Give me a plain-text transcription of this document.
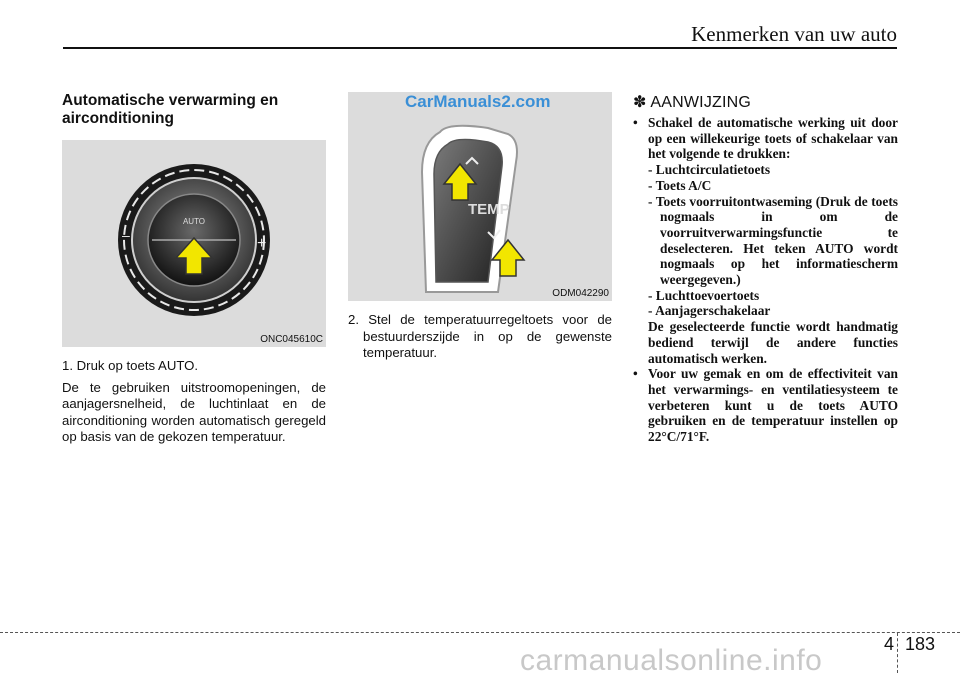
Kenmerken van uw auto
Automatische verwarming en airconditioning
–	+
AUTO
ONC045610C

1. Druk op toets AUTO.

De te gebruiken uitstroomopeningen, de aanjagersnelheid, de luchtinlaat en de airconditioning worden automatisch geregeld op basis van de gekozen temperatuur.

TEMP
CarManuals2.com
ODM042290

2. Stel de temperatuurregeltoets voor de bestuurderszijde in op de gewenste temperatuur.

✽ AANWIJZING
• Schakel de automatische werking uit door op een willekeurige toets of schakelaar van het volgende te drukken:
- Luchtcirculatietoets
- Toets A/C
- Toets voorruitontwaseming (Druk de toets nogmaals in om de voorruitverwarmingsfunctie te deselecteren. Het teken AUTO wordt nogmaals op het informatiescherm weergegeven.)
- Luchttoevoertoets
- Aanjagerschakelaar
De geselecteerde functie wordt handmatig bediend terwijl de andere functies automatisch werken.
• Voor uw gemak en om de effectiviteit van het verwarmings- en ventilatiesysteem te verbeteren kunt u de toets AUTO gebruiken en de temperatuur instellen op 22°C/71°F.
4 183
carmanualsonline.info
